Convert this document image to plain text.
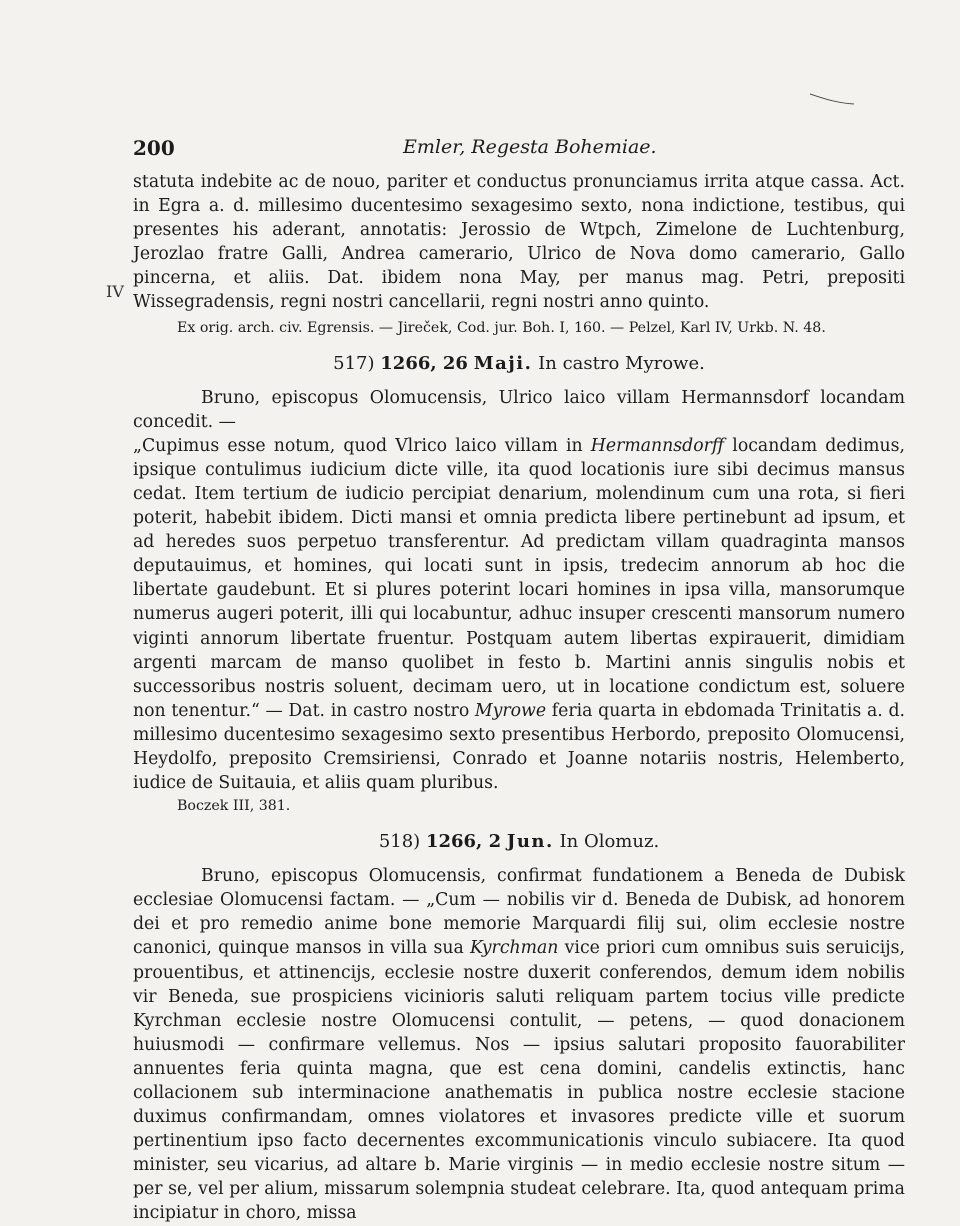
200	Emler, Regesta Bohemiae.
IV

statuta indebite ac de nouo, pariter et conductus pronunciamus irrita atque cassa. Act. in Egra a. d. millesimo ducentesimo sexagesimo sexto, nona indictione, testibus, qui presentes his aderant, annotatis: Jerossio de Wtpch, Zimelone de Luchtenburg, Jerozlao fratre Galli, Andrea camerario, Ulrico de Nova domo camerario, Gallo pincerna, et aliis. Dat. ibidem nona May, per manus mag. Petri, prepositi Wissegradensis, regni nostri cancellarii, regni nostri anno quinto.

Ex orig. arch. civ. Egrensis. — Jireček, Cod. jur. Boh. I, 160. — Pelzel, Karl IV, Urkb. N. 48.

517) 1266, 26 Maji. In castro Myrowe.

Bruno, episcopus Olomucensis, Ulrico laico villam Hermannsdorf locandam concedit. —

„Cupimus esse notum, quod Vlrico laico villam in Hermannsdorff locandam dedimus, ipsique contulimus iudicium dicte ville, ita quod locationis iure sibi decimus mansus cedat. Item tertium de iudicio percipiat denarium, molendinum cum una rota, si fieri poterit, habebit ibidem. Dicti mansi et omnia predicta libere pertinebunt ad ipsum, et ad heredes suos perpetuo transferentur. Ad predictam villam quadraginta mansos deputauimus, et homines, qui locati sunt in ipsis, tredecim annorum ab hoc die libertate gaudebunt. Et si plures poterint locari homines in ipsa villa, mansorumque numerus augeri poterit, illi qui locabuntur, adhuc insuper crescenti mansorum numero viginti annorum libertate fruentur. Postquam autem libertas expirauerit, dimidiam argenti marcam de manso quolibet in festo b. Martini annis singulis nobis et successoribus nostris soluent, decimam uero, ut in locatione condictum est, soluere non tenentur.“ — Dat. in castro nostro Myrowe feria quarta in ebdomada Trinitatis a. d. millesimo ducentesimo sexagesimo sexto presentibus Herbordo, preposito Olomucensi, Heydolfo, preposito Cremsiriensi, Conrado et Joanne notariis nostris, Helemberto, iudice de Suitauia, et aliis quam pluribus.

Boczek III, 381.

518) 1266, 2 Jun. In Olomuz.

Bruno, episcopus Olomucensis, confirmat fundationem a Beneda de Dubisk ecclesiae Olomucensi factam. — „Cum — nobilis vir d. Beneda de Dubisk, ad honorem dei et pro remedio anime bone memorie Marquardi filij sui, olim ecclesie nostre canonici, quinque mansos in villa sua Kyrchman vice priori cum omnibus suis seruicijs, prouentibus, et attinencijs, ecclesie nostre duxerit conferendos, demum idem nobilis vir Beneda, sue prospiciens vicinioris saluti reliquam partem tocius ville predicte Kyrchman ecclesie nostre Olomucensi contulit, — petens, — quod donacionem huiusmodi — confirmare vellemus. Nos — ipsius salutari proposito fauorabiliter annuentes feria quinta magna, que est cena domini, candelis extinctis, hanc collacionem sub interminacione anathematis in publica nostre ecclesie stacione duximus confirmandam, omnes violatores et invasores predicte ville et suorum pertinentium ipso facto decernentes excommunicationis vinculo subiacere. Ita quod minister, seu vicarius, ad altare b. Marie virginis — in medio ecclesie nostre situm — per se, vel per alium, missarum solempnia studeat celebrare. Ita, quod antequam prima incipiatur in choro, missa
